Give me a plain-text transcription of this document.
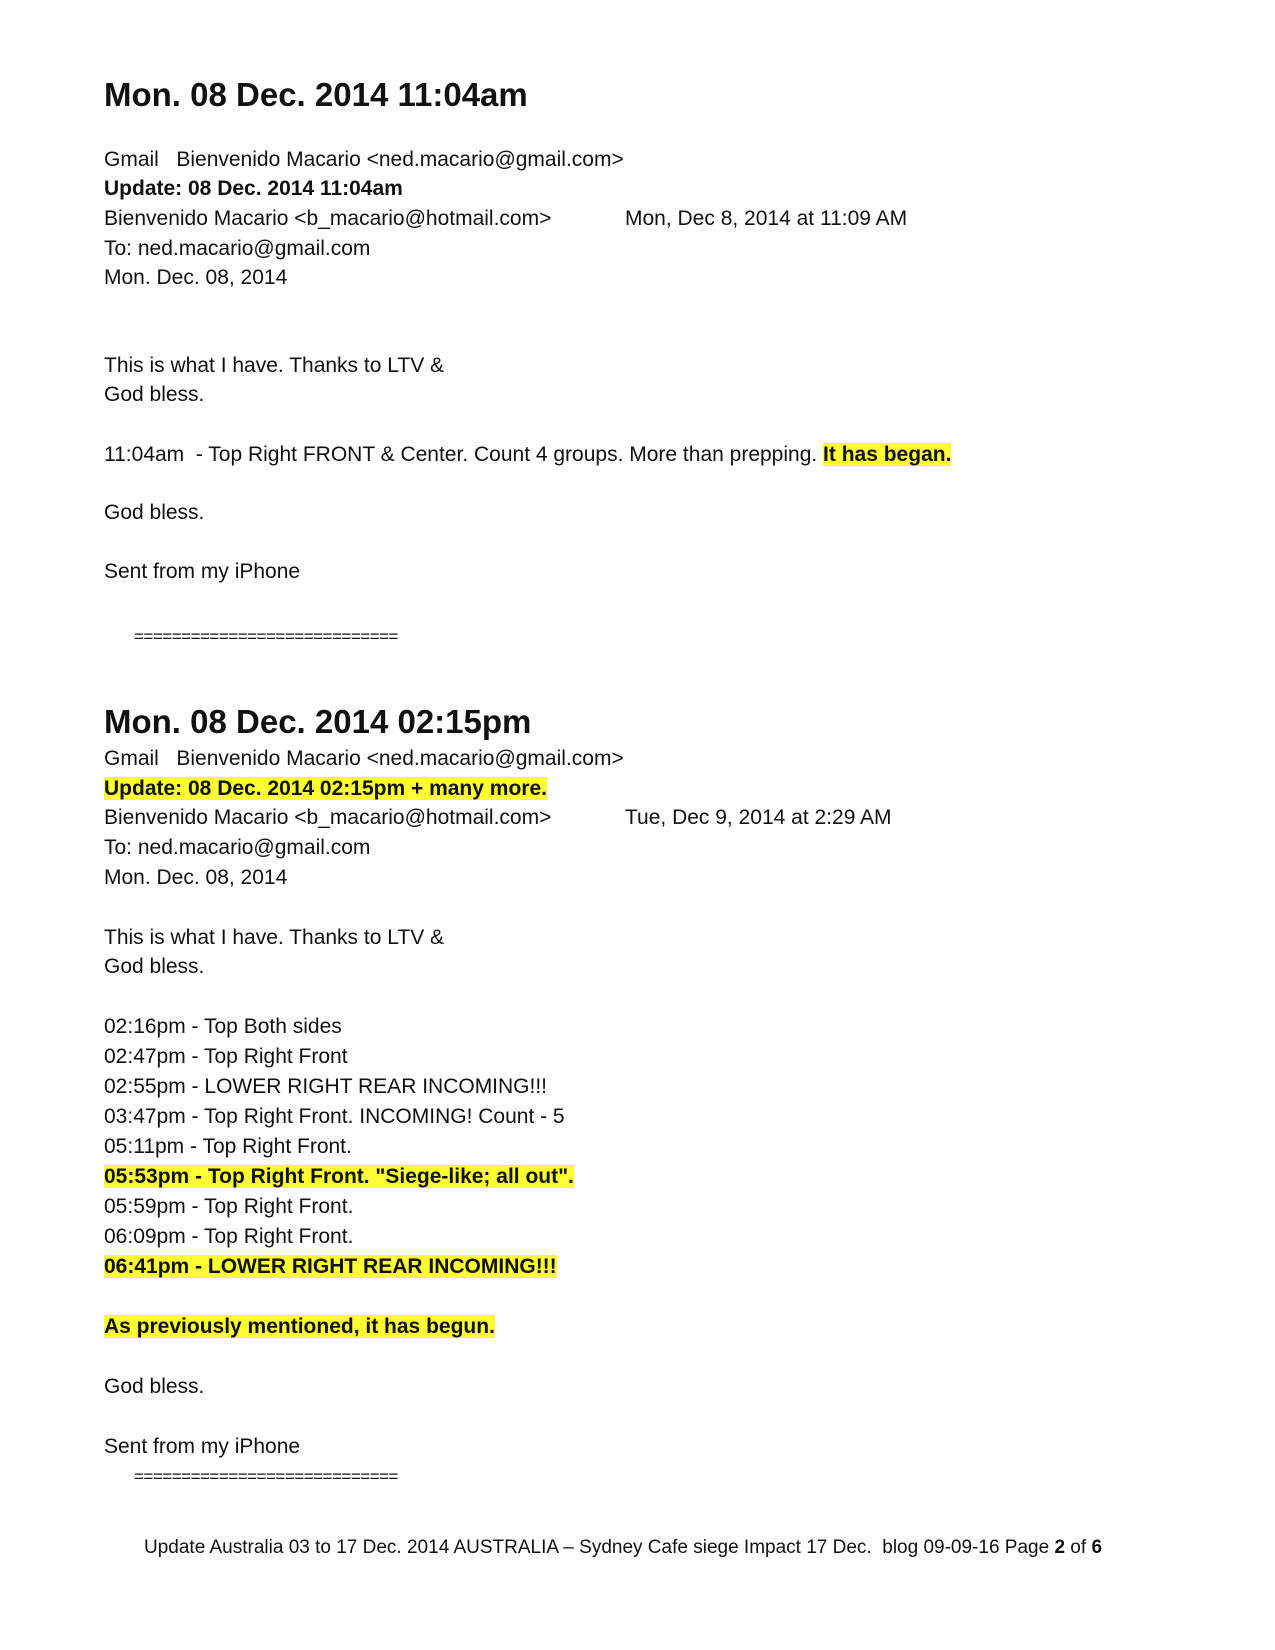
Mon. 08 Dec. 2014 11:04am
Gmail   Bienvenido Macario <ned.macario@gmail.com>
Update: 08 Dec. 2014 11:04am
Bienvenido Macario <b_macario@hotmail.com>	Mon, Dec 8, 2014 at 11:09 AM
To: ned.macario@gmail.com
Mon. Dec. 08, 2014
This is what I have. Thanks to LTV &
God bless.
11:04am  - Top Right FRONT & Center. Count 4 groups. More than prepping. It has began.
God bless.
Sent from my iPhone
============================
Mon. 08 Dec. 2014 02:15pm
Gmail   Bienvenido Macario <ned.macario@gmail.com>
Update: 08 Dec. 2014 02:15pm + many more.
Bienvenido Macario <b_macario@hotmail.com>	Tue, Dec 9, 2014 at 2:29 AM
To: ned.macario@gmail.com
Mon. Dec. 08, 2014
This is what I have. Thanks to LTV &
God bless.
02:16pm - Top Both sides
02:47pm - Top Right Front
02:55pm - LOWER RIGHT REAR INCOMING!!!
03:47pm - Top Right Front. INCOMING! Count - 5
05:11pm - Top Right Front.
05:53pm - Top Right Front. "Siege-like; all out".
05:59pm - Top Right Front.
06:09pm - Top Right Front.
06:41pm - LOWER RIGHT REAR INCOMING!!!
As previously mentioned, it has begun.
God bless.
Sent from my iPhone
============================
Update Australia 03 to 17 Dec. 2014 AUSTRALIA – Sydney Cafe siege Impact 17 Dec.  blog 09-09-16 Page 2 of 6
